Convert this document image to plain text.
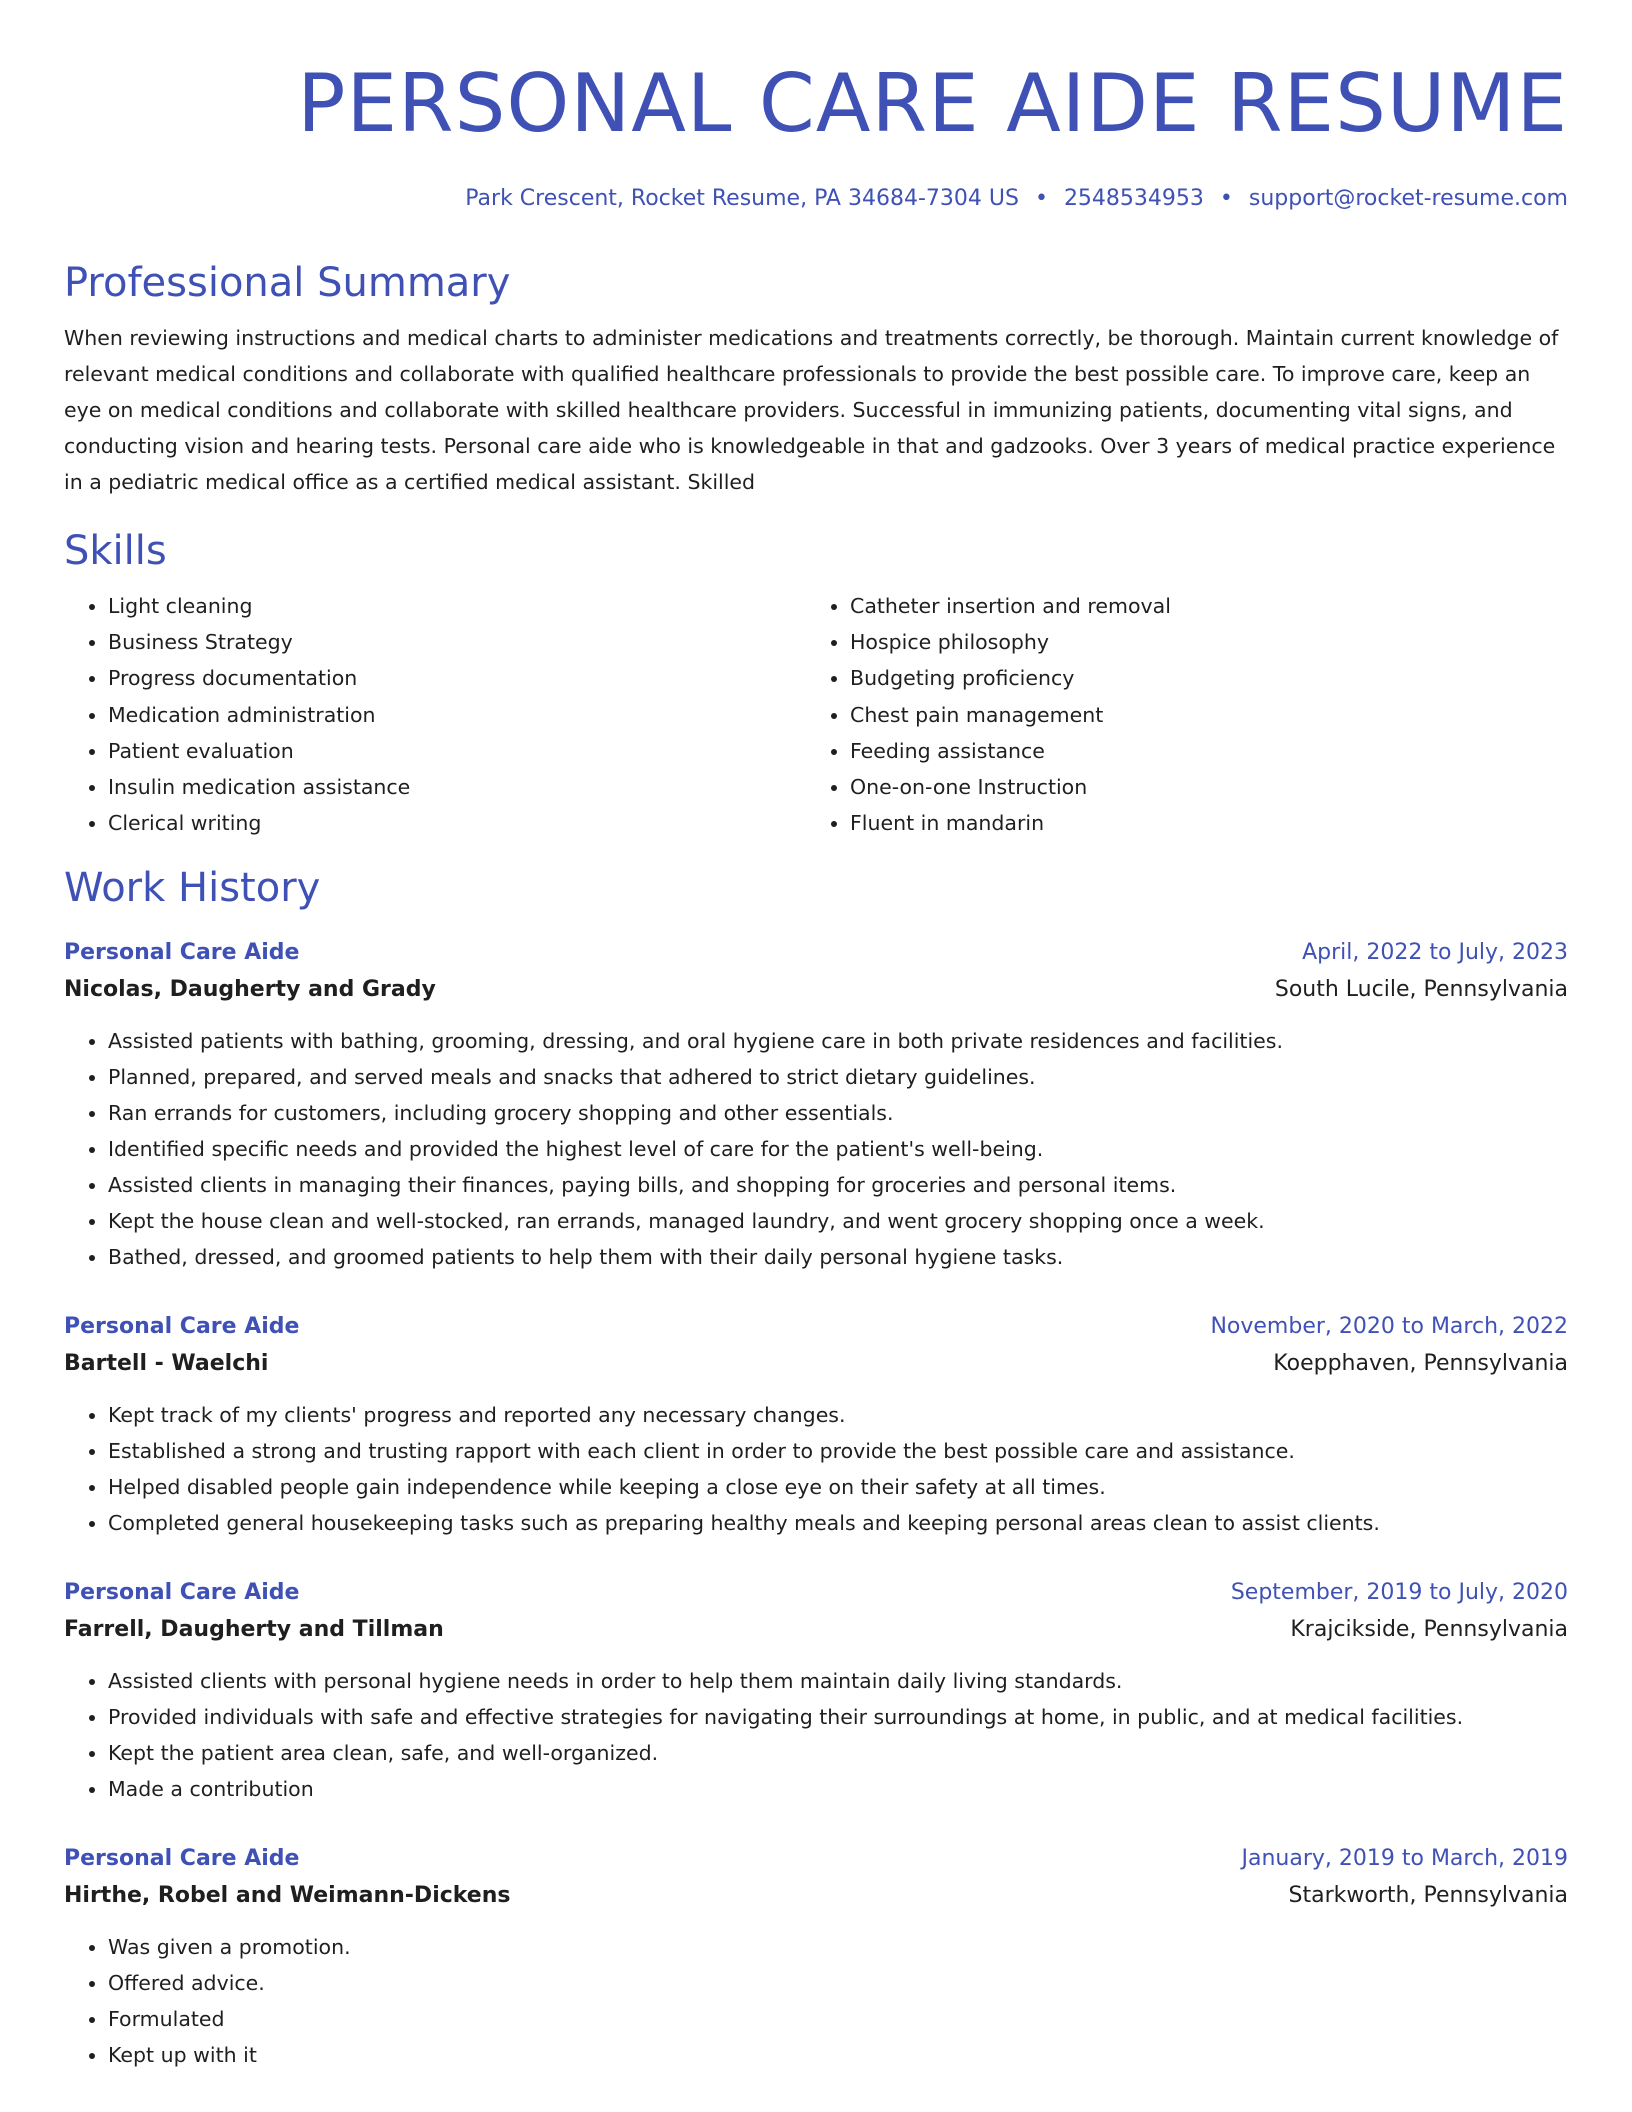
PERSONAL CARE AIDE RESUME
Park Crescent, Rocket Resume, PA 34684-7304 US • 2548534953 • support@rocket-resume.com
Professional Summary
When reviewing instructions and medical charts to administer medications and treatments correctly, be thorough. Maintain current knowledge of relevant medical conditions and collaborate with qualified healthcare professionals to provide the best possible care. To improve care, keep an eye on medical conditions and collaborate with skilled healthcare providers. Successful in immunizing patients, documenting vital signs, and conducting vision and hearing tests. Personal care aide who is knowledgeable in that and gadzooks. Over 3 years of medical practice experience in a pediatric medical office as a certified medical assistant. Skilled
Skills
• Light cleaning
• Business Strategy
• Progress documentation
• Medication administration
• Patient evaluation
• Insulin medication assistance
• Clerical writing
• Catheter insertion and removal
• Hospice philosophy
• Budgeting proficiency
• Chest pain management
• Feeding assistance
• One-on-one Instruction
• Fluent in mandarin
Work History
Personal Care Aide	April, 2022 to July, 2023
Nicolas, Daugherty and Grady	South Lucile, Pennsylvania
• Assisted patients with bathing, grooming, dressing, and oral hygiene care in both private residences and facilities.
• Planned, prepared, and served meals and snacks that adhered to strict dietary guidelines.
• Ran errands for customers, including grocery shopping and other essentials.
• Identified specific needs and provided the highest level of care for the patient's well-being.
• Assisted clients in managing their finances, paying bills, and shopping for groceries and personal items.
• Kept the house clean and well-stocked, ran errands, managed laundry, and went grocery shopping once a week.
• Bathed, dressed, and groomed patients to help them with their daily personal hygiene tasks.
Personal Care Aide	November, 2020 to March, 2022
Bartell - Waelchi	Koepphaven, Pennsylvania
• Kept track of my clients' progress and reported any necessary changes.
• Established a strong and trusting rapport with each client in order to provide the best possible care and assistance.
• Helped disabled people gain independence while keeping a close eye on their safety at all times.
• Completed general housekeeping tasks such as preparing healthy meals and keeping personal areas clean to assist clients.
Personal Care Aide	September, 2019 to July, 2020
Farrell, Daugherty and Tillman	Krajcikside, Pennsylvania
• Assisted clients with personal hygiene needs in order to help them maintain daily living standards.
• Provided individuals with safe and effective strategies for navigating their surroundings at home, in public, and at medical facilities.
• Kept the patient area clean, safe, and well-organized.
• Made a contribution
Personal Care Aide	January, 2019 to March, 2019
Hirthe, Robel and Weimann-Dickens	Starkworth, Pennsylvania
• Was given a promotion.
• Offered advice.
• Formulated
• Kept up with it
